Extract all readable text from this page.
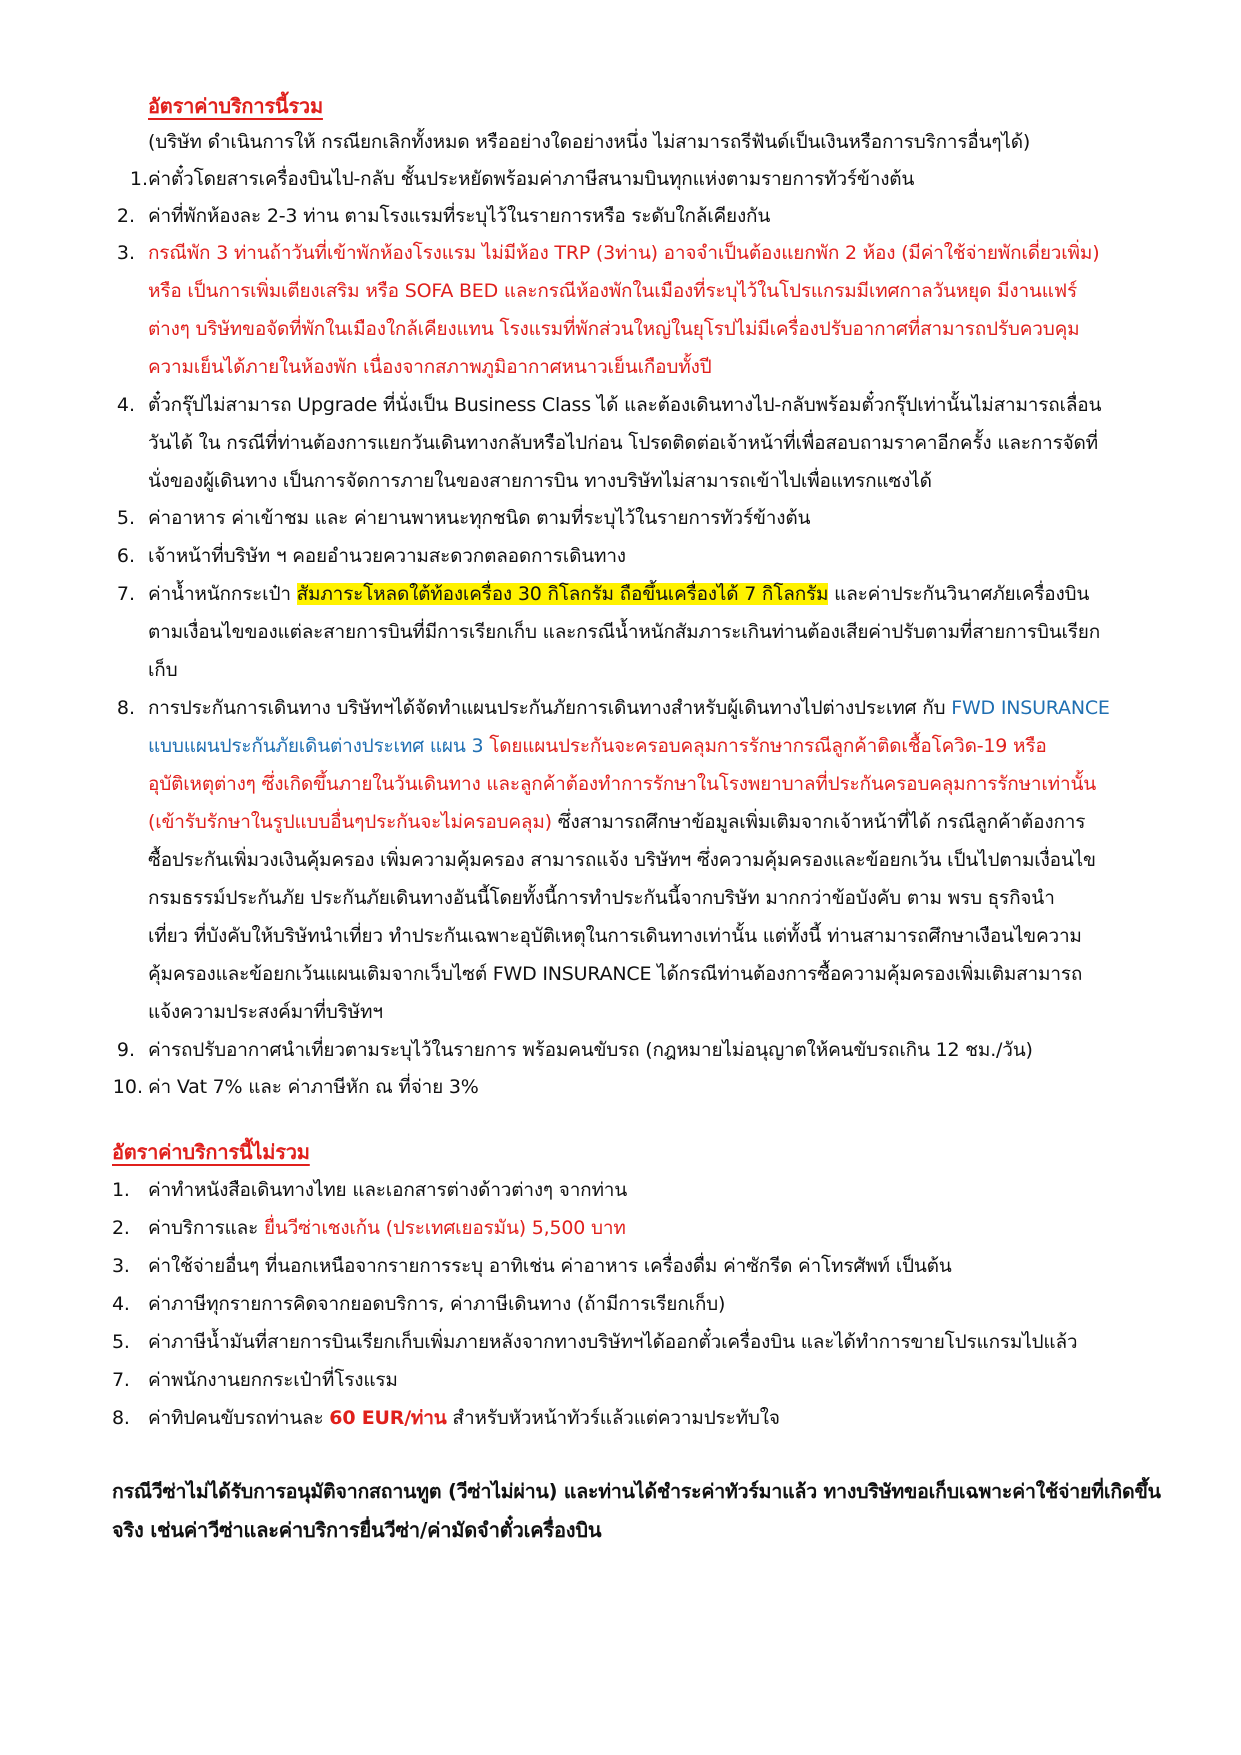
อัตราค่าบริการนี้รวม
(บริษัท ดำเนินการให้ กรณียกเลิกทั้งหมด หรืออย่างใดอย่างหนึ่ง ไม่สามารถรีฟันด์เป็นเงินหรือการบริการอื่นๆได้)
1. ค่าตั๋วโดยสารเครื่องบินไป-กลับ ชั้นประหยัดพร้อมค่าภาษีสนามบินทุกแห่งตามรายการทัวร์ข้างต้น
2. ค่าที่พักห้องละ 2-3 ท่าน ตามโรงแรมที่ระบุไว้ในรายการหรือ ระดับใกล้เคียงกัน
3. กรณีพัก 3 ท่านถ้าวันที่เข้าพักห้องโรงแรม ไม่มีห้อง TRP (3ท่าน) อาจจำเป็นต้องแยกพัก 2 ห้อง (มีค่าใช้จ่ายพักเดี่ยวเพิ่ม)
หรือ เป็นการเพิ่มเตียงเสริม หรือ SOFA BED และกรณีห้องพักในเมืองที่ระบุไว้ในโปรแกรมมีเทศกาลวันหยุด มีงานแฟร์
ต่างๆ บริษัทขอจัดที่พักในเมืองใกล้เคียงแทน โรงแรมที่พักส่วนใหญ่ในยุโรปไม่มีเครื่องปรับอากาศที่สามารถปรับควบคุม
ความเย็นได้ภายในห้องพัก เนื่องจากสภาพภูมิอากาศหนาวเย็นเกือบทั้งปี
4. ตั๋วกรุ๊ปไม่สามารถ Upgrade ที่นั่งเป็น Business Class ได้ และต้องเดินทางไป-กลับพร้อมตั๋วกรุ๊ปเท่านั้นไม่สามารถเลื่อน
วันได้ ใน กรณีที่ท่านต้องการแยกวันเดินทางกลับหรือไปก่อน โปรดติดต่อเจ้าหน้าที่เพื่อสอบถามราคาอีกครั้ง และการจัดที่
นั่งของผู้เดินทาง เป็นการจัดการภายในของสายการบิน ทางบริษัทไม่สามารถเข้าไปเพื่อแทรกแซงได้
5. ค่าอาหาร ค่าเข้าชม และ ค่ายานพาหนะทุกชนิด ตามที่ระบุไว้ในรายการทัวร์ข้างต้น
6. เจ้าหน้าที่บริษัท ฯ คอยอำนวยความสะดวกตลอดการเดินทาง
7. ค่าน้ำหนักกระเป๋า สัมภาระโหลดใต้ท้องเครื่อง 30 กิโลกรัม ถือขึ้นเครื่องได้ 7 กิโลกรัม และค่าประกันวินาศภัยเครื่องบิน
ตามเงื่อนไขของแต่ละสายการบินที่มีการเรียกเก็บ และกรณีน้ำหนักสัมภาระเกินท่านต้องเสียค่าปรับตามที่สายการบินเรียก
เก็บ
8. การประกันการเดินทาง บริษัทฯได้จัดทำแผนประกันภัยการเดินทางสำหรับผู้เดินทางไปต่างประเทศ กับ FWD INSURANCE
แบบแผนประกันภัยเดินต่างประเทศ แผน 3 โดยแผนประกันจะครอบคลุมการรักษากรณีลูกค้าติดเชื้อโควิด-19 หรือ
อุบัติเหตุต่างๆ ซึ่งเกิดขึ้นภายในวันเดินทาง และลูกค้าต้องทำการรักษาในโรงพยาบาลที่ประกันครอบคลุมการรักษาเท่านั้น
(เข้ารับรักษาในรูปแบบอื่นๆประกันจะไม่ครอบคลุม) ซึ่งสามารถศึกษาข้อมูลเพิ่มเติมจากเจ้าหน้าที่ได้ กรณีลูกค้าต้องการ
ซื้อประกันเพิ่มวงเงินคุ้มครอง เพิ่มความคุ้มครอง สามารถแจ้ง บริษัทฯ ซึ่งความคุ้มครองและข้อยกเว้น เป็นไปตามเงื่อนไข
กรมธรรม์ประกันภัย ประกันภัยเดินทางอันนี้โดยทั้งนี้การทำประกันนี้จากบริษัท มากกว่าข้อบังคับ ตาม พรบ ธุรกิจนำ
เที่ยว ที่บังคับให้บริษัทนำเที่ยว ทำประกันเฉพาะอุบัติเหตุในการเดินทางเท่านั้น แต่ทั้งนี้ ท่านสามารถศึกษาเงือนไขความ
คุ้มครองและข้อยกเว้นแผนเติมจากเว็บไซต์ FWD INSURANCE ได้กรณีท่านต้องการซื้อความคุ้มครองเพิ่มเติมสามารถ
แจ้งความประสงค์มาที่บริษัทฯ
9. ค่ารถปรับอากาศนำเที่ยวตามระบุไว้ในรายการ พร้อมคนขับรถ (กฎหมายไม่อนุญาตให้คนขับรถเกิน 12 ชม./วัน)
10. ค่า Vat 7% และ ค่าภาษีหัก ณ ที่จ่าย 3%
อัตราค่าบริการนี้ไม่รวม
1. ค่าทำหนังสือเดินทางไทย และเอกสารต่างด้าวต่างๆ จากท่าน
2. ค่าบริการและ ยื่นวีซ่าเชงเก้น (ประเทศเยอรมัน) 5,500 บาท
3. ค่าใช้จ่ายอื่นๆ ที่นอกเหนือจากรายการระบุ อาทิเช่น ค่าอาหาร เครื่องดื่ม ค่าซักรีด ค่าโทรศัพท์ เป็นต้น
4. ค่าภาษีทุกรายการคิดจากยอดบริการ, ค่าภาษีเดินทาง (ถ้ามีการเรียกเก็บ)
5. ค่าภาษีน้ำมันที่สายการบินเรียกเก็บเพิ่มภายหลังจากทางบริษัทฯได้ออกตั๋วเครื่องบิน และได้ทำการขายโปรแกรมไปแล้ว
7. ค่าพนักงานยกกระเป๋าที่โรงแรม
8. ค่าทิปคนขับรถท่านละ 60 EUR/ท่าน สำหรับหัวหน้าทัวร์แล้วแต่ความประทับใจ
กรณีวีซ่าไม่ได้รับการอนุมัติจากสถานทูต (วีซ่าไม่ผ่าน) และท่านได้ชำระค่าทัวร์มาแล้ว ทางบริษัทขอเก็บเฉพาะค่าใช้จ่ายที่เกิดขึ้น
จริง เช่นค่าวีซ่าและค่าบริการยื่นวีซ่า/ค่ามัดจำตั๋วเครื่องบิน
